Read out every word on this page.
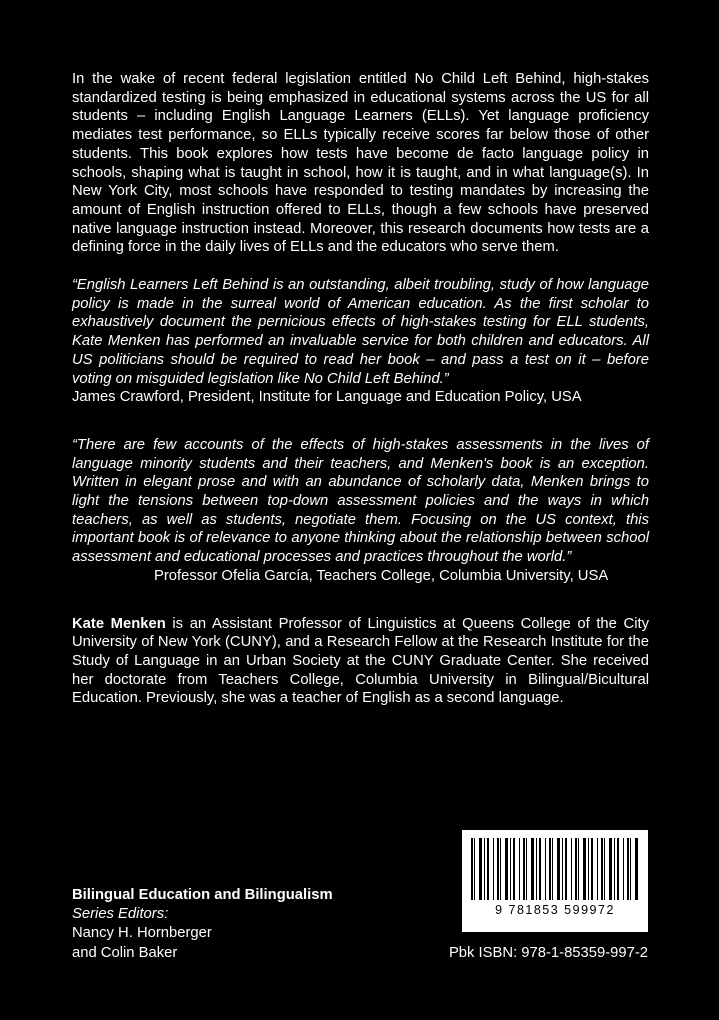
In the wake of recent federal legislation entitled No Child Left Behind, high-stakes standardized testing is being emphasized in educational systems across the US for all students – including English Language Learners (ELLs). Yet language proficiency mediates test performance, so ELLs typically receive scores far below those of other students. This book explores how tests have become de facto language policy in schools, shaping what is taught in school, how it is taught, and in what language(s). In New York City, most schools have responded to testing mandates by increasing the amount of English instruction offered to ELLs, though a few schools have preserved native language instruction instead. Moreover, this research documents how tests are a defining force in the daily lives of ELLs and the educators who serve them.

“English Learners Left Behind is an outstanding, albeit troubling, study of how language policy is made in the surreal world of American education. As the first scholar to exhaustively document the pernicious effects of high-stakes testing for ELL students, Kate Menken has performed an invaluable service for both children and educators. All US politicians should be required to read her book – and pass a test on it – before voting on misguided legislation like No Child Left Behind.”

James Crawford, President, Institute for Language and Education Policy, USA

“There are few accounts of the effects of high-stakes assessments in the lives of language minority students and their teachers, and Menken's book is an exception. Written in elegant prose and with an abundance of scholarly data, Menken brings to light the tensions between top-down assessment policies and the ways in which teachers, as well as students, negotiate them. Focusing on the US context, this important book is of relevance to anyone thinking about the relationship between school assessment and educational processes and practices throughout the world.”

Professor Ofelia García, Teachers College, Columbia University, USA

Kate Menken is an Assistant Professor of Linguistics at Queens College of the City University of New York (CUNY), and a Research Fellow at the Research Institute for the Study of Language in an Urban Society at the CUNY Graduate Center. She received her doctorate from Teachers College, Columbia University in Bilingual/Bicultural Education. Previously, she was a teacher of English as a second language.

Bilingual Education and Bilingualism
Series Editors:
Nancy H. Hornberger
and Colin Baker
9 781853 599972
Pbk ISBN: 978-1-85359-997-2
